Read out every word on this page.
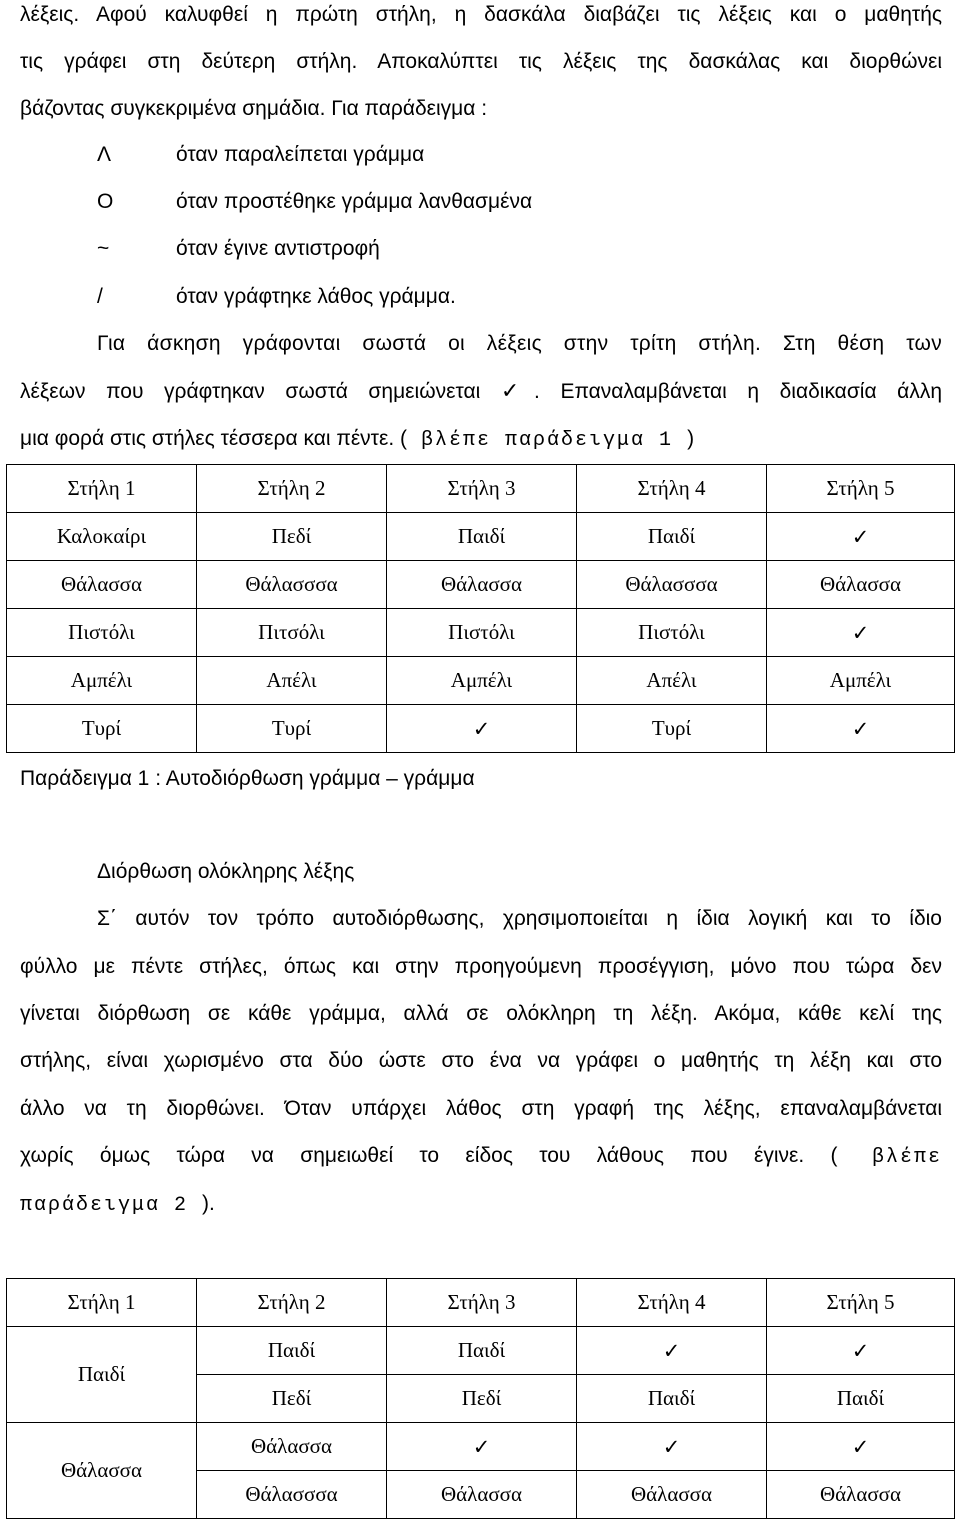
λέξεις. Αφού καλυφθεί η πρώτη στήλη, η δασκάλα διαβάζει τις λέξεις και ο μαθητής
τις γράφει στη δεύτερη στήλη. Αποκαλύπτει τις λέξεις της δασκάλας και διορθώνει
βάζοντας συγκεκριμένα σημάδια. Για παράδειγμα :
Λ	όταν παραλείπεται γράμμα
Ο	όταν προστέθηκε γράμμα λανθασμένα
~	όταν έγινε αντιστροφή
/	όταν γράφτηκε λάθος γράμμα.
Για άσκηση γράφονται σωστά οι λέξεις στην τρίτη στήλη. Στη θέση των
λέξεων που γράφτηκαν σωστά σημειώνεται ✓. Επαναλαμβάνεται η διαδικασία άλλη
μια φορά στις στήλες τέσσερα και πέντε. ( βλέπε παράδειγμα 1 )
Στήλη 1	Στήλη 2	Στήλη 3	Στήλη 4	Στήλη 5
Καλοκαίρι	Πεδί	Παιδί	Παιδί	✓
Θάλασσα	Θάλασσσα	Θάλασσα	Θάλασσσα	Θάλασσα
Πιστόλι	Πιτσόλι	Πιστόλι	Πιστόλι	✓
Αμπέλι	Απέλι	Αμπέλι	Απέλι	Αμπέλι
Τυρί	Τυρί	✓	Τυρί	✓
Παράδειγμα 1 : Αυτοδιόρθωση γράμμα – γράμμα
Διόρθωση ολόκληρης λέξης
Σ΄ αυτόν τον τρόπο αυτοδιόρθωσης, χρησιμοποιείται η ίδια λογική και το ίδιο
φύλλο με πέντε στήλες, όπως και στην προηγούμενη προσέγγιση, μόνο που τώρα δεν
γίνεται διόρθωση σε κάθε γράμμα, αλλά σε ολόκληρη τη λέξη. Ακόμα, κάθε κελί της
στήλης, είναι χωρισμένο στα δύο ώστε στο ένα να γράφει ο μαθητής τη λέξη και στο
άλλο να τη διορθώνει. Όταν υπάρχει λάθος στη γραφή της λέξης, επαναλαμβάνεται
χωρίς όμως τώρα να σημειωθεί το είδος του λάθους που έγινε. ( βλέπε
παράδειγμα 2 ).
Στήλη 1	Στήλη 2	Στήλη 3	Στήλη 4	Στήλη 5
Παιδί	Παιδί	Παιδί	✓	✓
	Πεδί	Πεδί	Παιδί	Παιδί
Θάλασσα	Θάλασσα	✓	✓	✓
	Θάλασσσα	Θάλασσα	Θάλασσα	Θάλασσα
